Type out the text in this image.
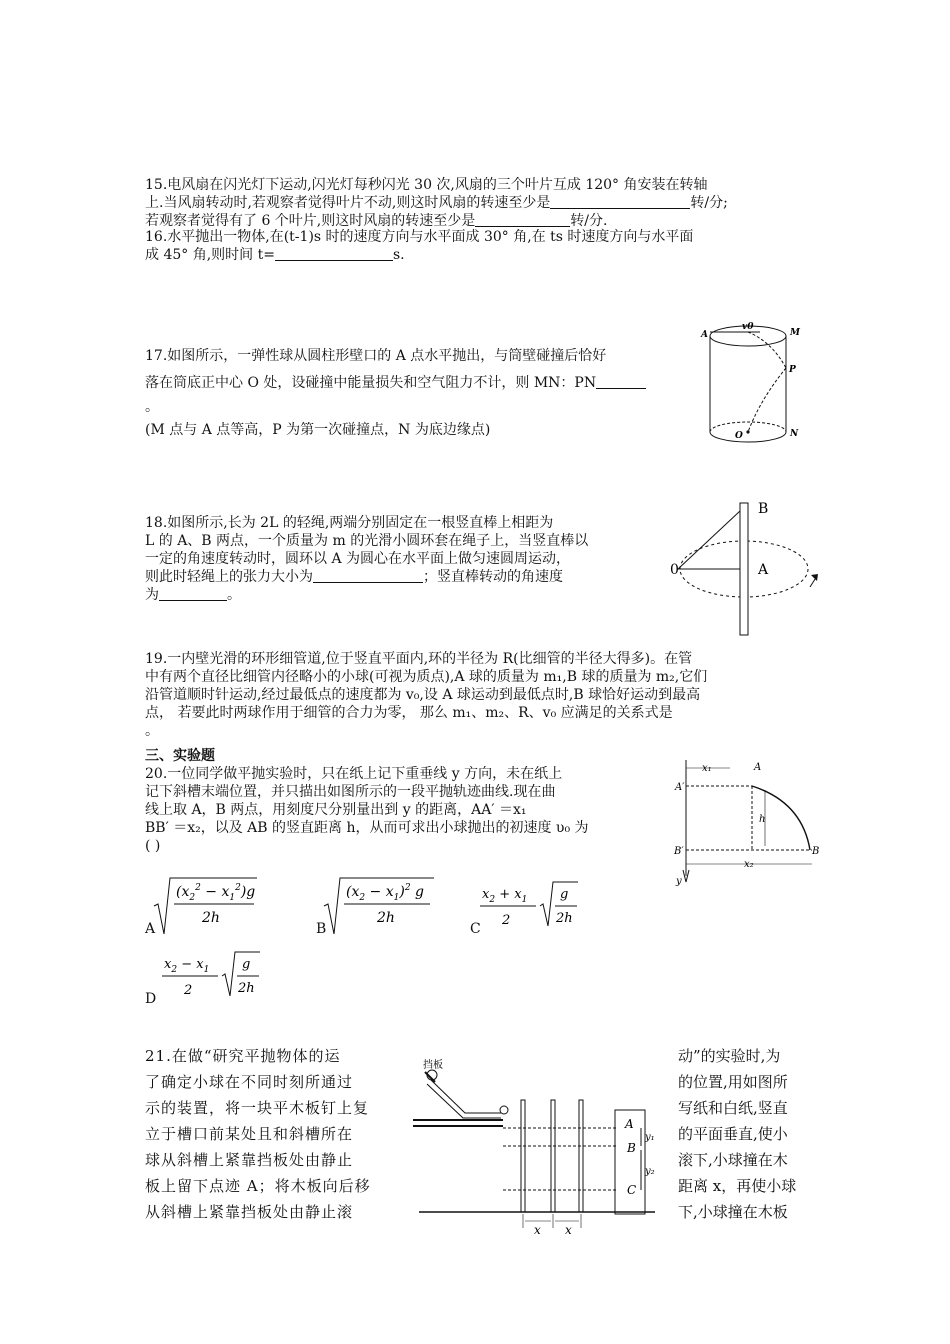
15.电风扇在闪光灯下运动,闪光灯每秒闪光 30 次,风扇的三个叶片互成 120° 角安装在转轴
上.当风扇转动时,若观察者觉得叶片不动,则这时风扇的转速至少是	转/分;
若观察者觉得有了 6 个叶片,则这时风扇的转速至少是	转/分.
16.水平抛出一物体,在(t-1)s 时的速度方向与水平面成 30° 角,在 ts 时速度方向与水平面
成 45° 角,则时间 t=	s.
17.如图所示，一弹性球从圆柱形壁口的 A 点水平抛出，与筒壁碰撞后恰好
落在筒底正中心 O 处，设碰撞中能量损失和空气阻力不计，则 MN：PN
。
(M 点与 A 点等高，P 为第一次碰撞点，N 为底边缘点)
A
v0
M
P
O	N
18.如图所示,长为 2L 的轻绳,两端分别固定在一根竖直棒上相距为
L 的 A、B 两点，一个质量为 m 的光滑小圆环套在绳子上，当竖直棒以
一定的角速度转动时，圆环以 A 为圆心在水平面上做匀速圆周运动，
则此时轻绳上的张力大小为	；竖直棒转动的角速度
为	。
B
A
0
19.一内壁光滑的环形细管道,位于竖直平面内,环的半径为 R(比细管的半径大得多)。在管
中有两个直径比细管内径略小的小球(可视为质点),A 球的质量为 m₁,B 球的质量为 m₂,它们
沿管道顺时针运动,经过最低点的速度都为 v₀,设 A 球运动到最低点时,B 球恰好运动到最高
点， 若要此时两球作用于细管的合力为零， 那么 m₁、m₂、R、v₀ 应满足的关系式是
。
三、实验题
20.一位同学做平抛实验时，只在纸上记下重垂线 y 方向，未在纸上
记下斜槽末端位置，并只描出如图所示的一段平抛轨迹曲线.现在曲
线上取 A，B 两点，用刻度尺分别量出到 y 的距离，AA′ ＝x₁
BB′ ＝x₂，以及 AB 的竖直距离 h，从而可求出小球抛出的初速度 υ₀ 为
( )
x₁
A′
A
h
B′	B
x₂
y
A
$(x_2^2 - x_1^2)g$
2h
B
$(x_2 - x_1)^2$ g
2h
C
$x_2 + x_1$
2
g
2h
D
$x_2 - x_1$
2
g
2h
21.在做“研究平抛物体的运
了确定小球在不同时刻所通过
示的装置，将一块平木板钉上复
立于槽口前某处且和斜槽所在
球从斜槽上紧靠挡板处由静止
板上留下点迹 A；将木板向后移
从斜槽上紧靠挡板处由静止滚
动”的实验时,为
的位置,用如图所
写纸和白纸,竖直
的平面垂直,使小
滚下,小球撞在木
距离 x，再使小球
下,小球撞在木板
挡板
A
B
C
y₁
y₂
x x
